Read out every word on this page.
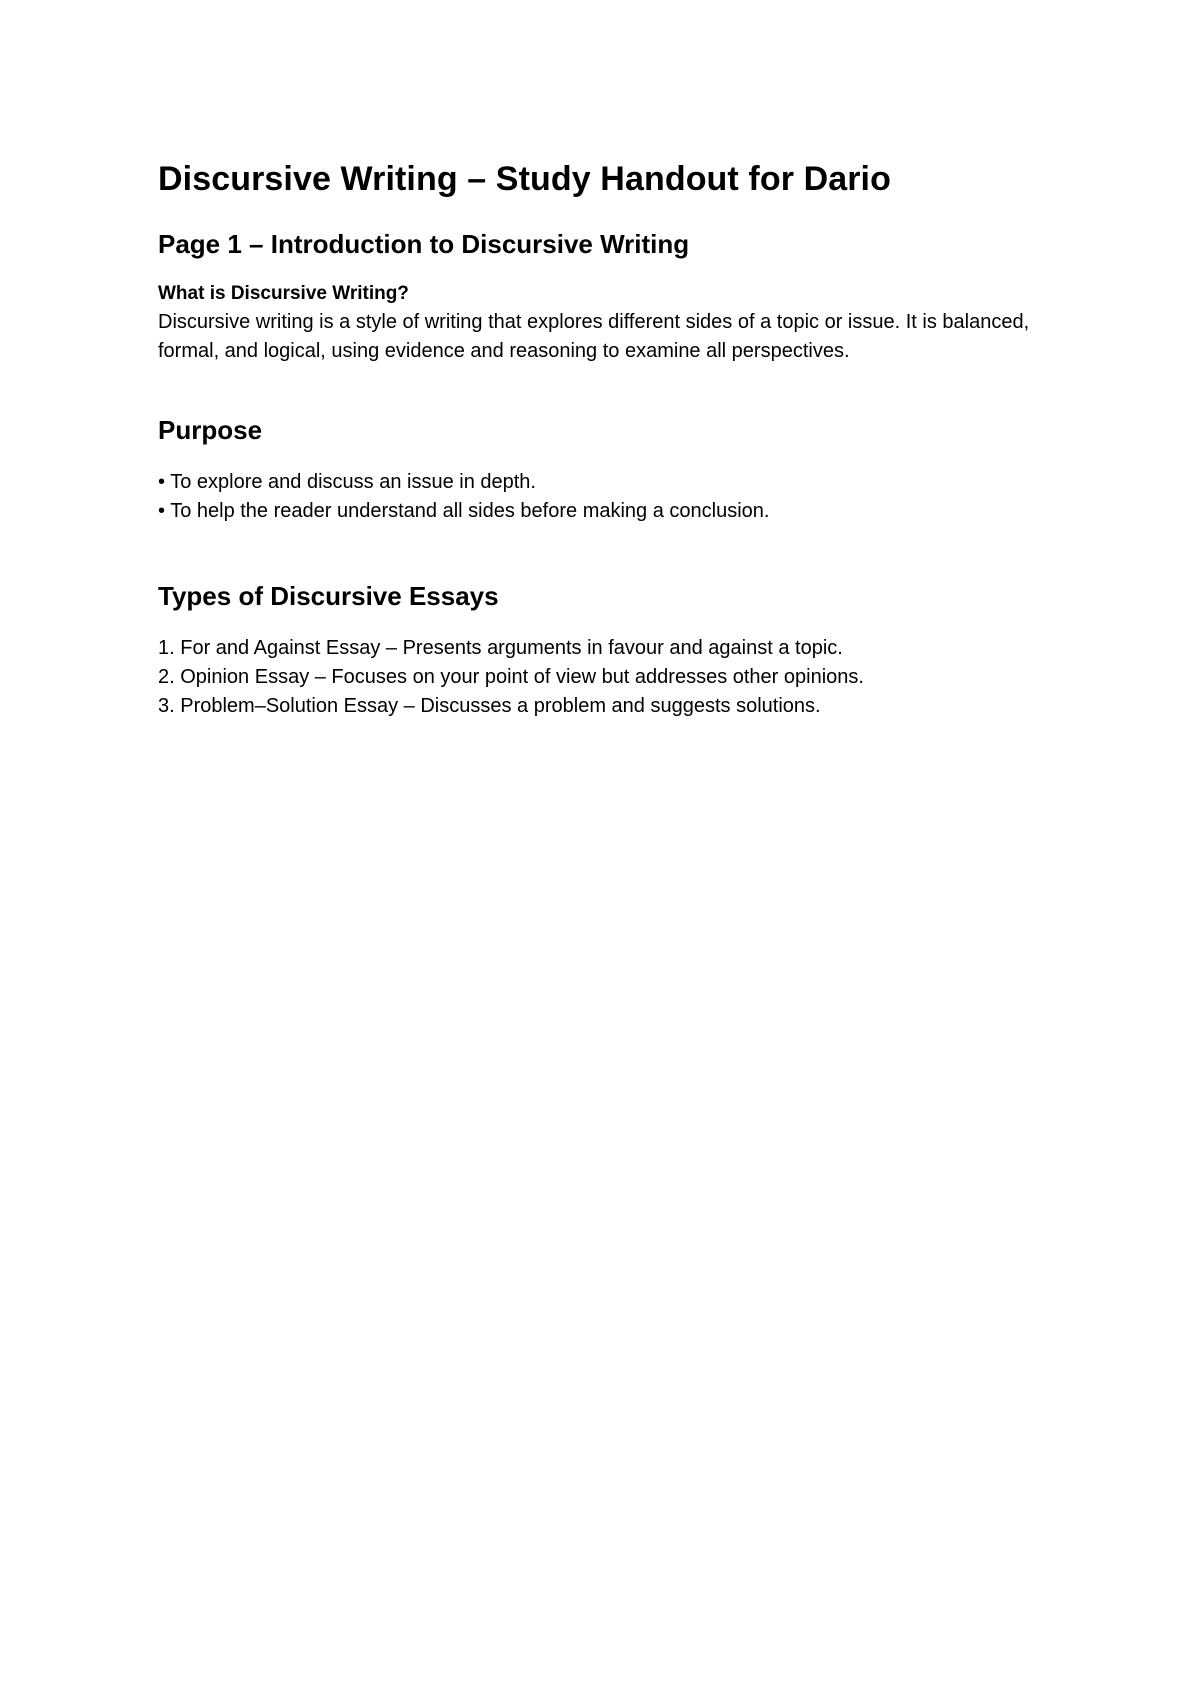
Discursive Writing – Study Handout for Dario
Page 1 – Introduction to Discursive Writing
What is Discursive Writing?

Discursive writing is a style of writing that explores different sides of a topic or issue. It is balanced, formal, and logical, using evidence and reasoning to examine all perspectives.

Purpose
• To explore and discuss an issue in depth.
• To help the reader understand all sides before making a conclusion.
Types of Discursive Essays
1. For and Against Essay – Presents arguments in favour and against a topic.
2. Opinion Essay – Focuses on your point of view but addresses other opinions.
3. Problem–Solution Essay – Discusses a problem and suggests solutions.
